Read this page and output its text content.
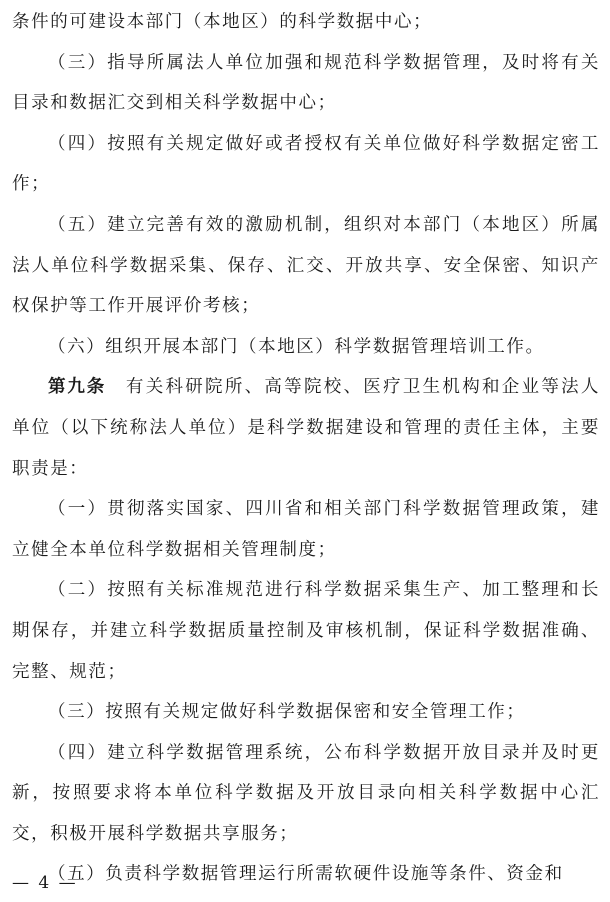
条件的可建设本部门（本地区）的科学数据中心；

（三）指导所属法人单位加强和规范科学数据管理，及时将有关目录和数据汇交到相关科学数据中心；

（四）按照有关规定做好或者授权有关单位做好科学数据定密工作；

（五）建立完善有效的激励机制，组织对本部门（本地区）所属法人单位科学数据采集、保存、汇交、开放共享、安全保密、知识产权保护等工作开展评价考核；

（六）组织开展本部门（本地区）科学数据管理培训工作。

第九条　有关科研院所、高等院校、医疗卫生机构和企业等法人单位（以下统称法人单位）是科学数据建设和管理的责任主体，主要职责是：

（一）贯彻落实国家、四川省和相关部门科学数据管理政策，建立健全本单位科学数据相关管理制度；

（二）按照有关标准规范进行科学数据采集生产、加工整理和长期保存，并建立科学数据质量控制及审核机制，保证科学数据准确、完整、规范；

（三）按照有关规定做好科学数据保密和安全管理工作；

（四）建立科学数据管理系统，公布科学数据开放目录并及时更新，按照要求将本单位科学数据及开放目录向相关科学数据中心汇交，积极开展科学数据共享服务；

（五）负责科学数据管理运行所需软硬件设施等条件、资金和

— 4 —
